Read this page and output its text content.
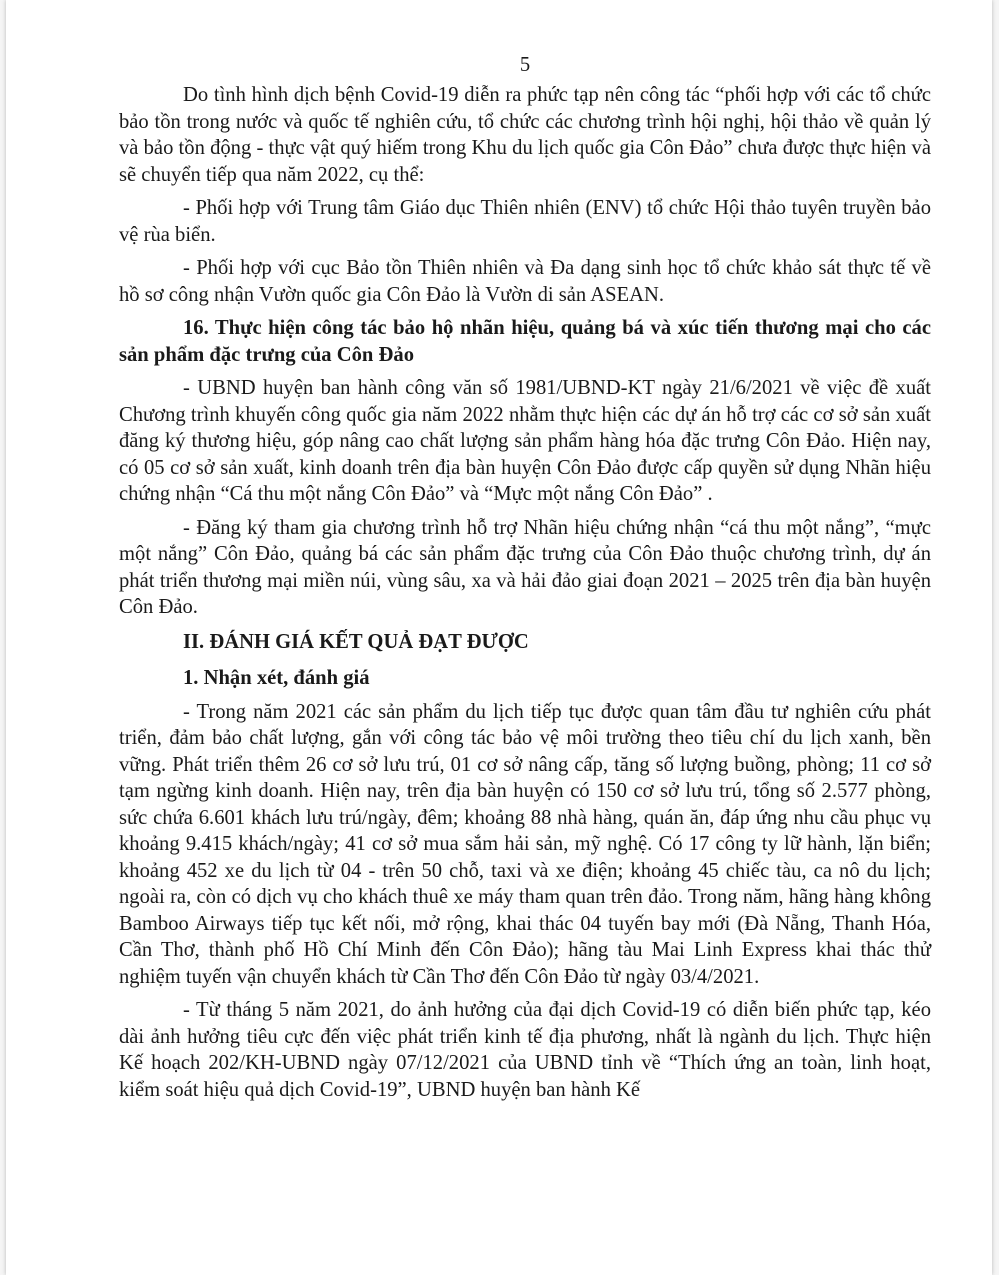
5

Do tình hình dịch bệnh Covid-19 diễn ra phức tạp nên công tác “phối hợp với các tổ chức bảo tồn trong nước và quốc tế nghiên cứu, tổ chức các chương trình hội nghị, hội thảo về quản lý và bảo tồn động - thực vật quý hiếm trong Khu du lịch quốc gia Côn Đảo” chưa được thực hiện và sẽ chuyển tiếp qua năm 2022, cụ thể:

- Phối hợp với Trung tâm Giáo dục Thiên nhiên (ENV) tổ chức Hội thảo tuyên truyền bảo vệ rùa biển.

- Phối hợp với cục Bảo tồn Thiên nhiên và Đa dạng sinh học tổ chức khảo sát thực tế về hồ sơ công nhận Vườn quốc gia Côn Đảo là Vườn di sản ASEAN.

16. Thực hiện công tác bảo hộ nhãn hiệu, quảng bá và xúc tiến thương mại cho các sản phẩm đặc trưng của Côn Đảo

- UBND huyện ban hành công văn số 1981/UBND-KT ngày 21/6/2021 về việc đề xuất Chương trình khuyến công quốc gia năm 2022 nhằm thực hiện các dự án hỗ trợ các cơ sở sản xuất đăng ký thương hiệu, góp nâng cao chất lượng sản phẩm hàng hóa đặc trưng Côn Đảo. Hiện nay, có 05 cơ sở sản xuất, kinh doanh trên địa bàn huyện Côn Đảo được cấp quyền sử dụng Nhãn hiệu chứng nhận “Cá thu một nắng Côn Đảo” và “Mực một nắng Côn Đảo” .

- Đăng ký tham gia chương trình hỗ trợ Nhãn hiệu chứng nhận “cá thu một nắng”, “mực một nắng” Côn Đảo, quảng bá các sản phẩm đặc trưng của Côn Đảo thuộc chương trình, dự án phát triển thương mại miền núi, vùng sâu, xa và hải đảo giai đoạn 2021 – 2025 trên địa bàn huyện Côn Đảo.

II. ĐÁNH GIÁ KẾT QUẢ ĐẠT ĐƯỢC
1. Nhận xét, đánh giá

- Trong năm 2021 các sản phẩm du lịch tiếp tục được quan tâm đầu tư nghiên cứu phát triển, đảm bảo chất lượng, gắn với công tác bảo vệ môi trường theo tiêu chí du lịch xanh, bền vững. Phát triển thêm 26 cơ sở lưu trú, 01 cơ sở nâng cấp, tăng số lượng buồng, phòng; 11 cơ sở tạm ngừng kinh doanh. Hiện nay, trên địa bàn huyện có 150 cơ sở lưu trú, tổng số 2.577 phòng, sức chứa 6.601 khách lưu trú/ngày, đêm; khoảng 88 nhà hàng, quán ăn, đáp ứng nhu cầu phục vụ khoảng 9.415 khách/ngày; 41 cơ sở mua sắm hải sản, mỹ nghệ. Có 17 công ty lữ hành, lặn biển; khoảng 452 xe du lịch từ 04 - trên 50 chỗ, taxi và xe điện; khoảng 45 chiếc tàu, ca nô du lịch; ngoài ra, còn có dịch vụ cho khách thuê xe máy tham quan trên đảo. Trong năm, hãng hàng không Bamboo Airways tiếp tục kết nối, mở rộng, khai thác 04 tuyến bay mới (Đà Nẵng, Thanh Hóa, Cần Thơ, thành phố Hồ Chí Minh đến Côn Đảo); hãng tàu Mai Linh Express khai thác thử nghiệm tuyến vận chuyển khách từ Cần Thơ đến Côn Đảo từ ngày 03/4/2021.

- Từ tháng 5 năm 2021, do ảnh hưởng của đại dịch Covid-19 có diễn biến phức tạp, kéo dài ảnh hưởng tiêu cực đến việc phát triển kinh tế địa phương, nhất là ngành du lịch. Thực hiện Kế hoạch 202/KH-UBND ngày 07/12/2021 của UBND tỉnh về “Thích ứng an toàn, linh hoạt, kiểm soát hiệu quả dịch Covid-19”, UBND huyện ban hành Kế
